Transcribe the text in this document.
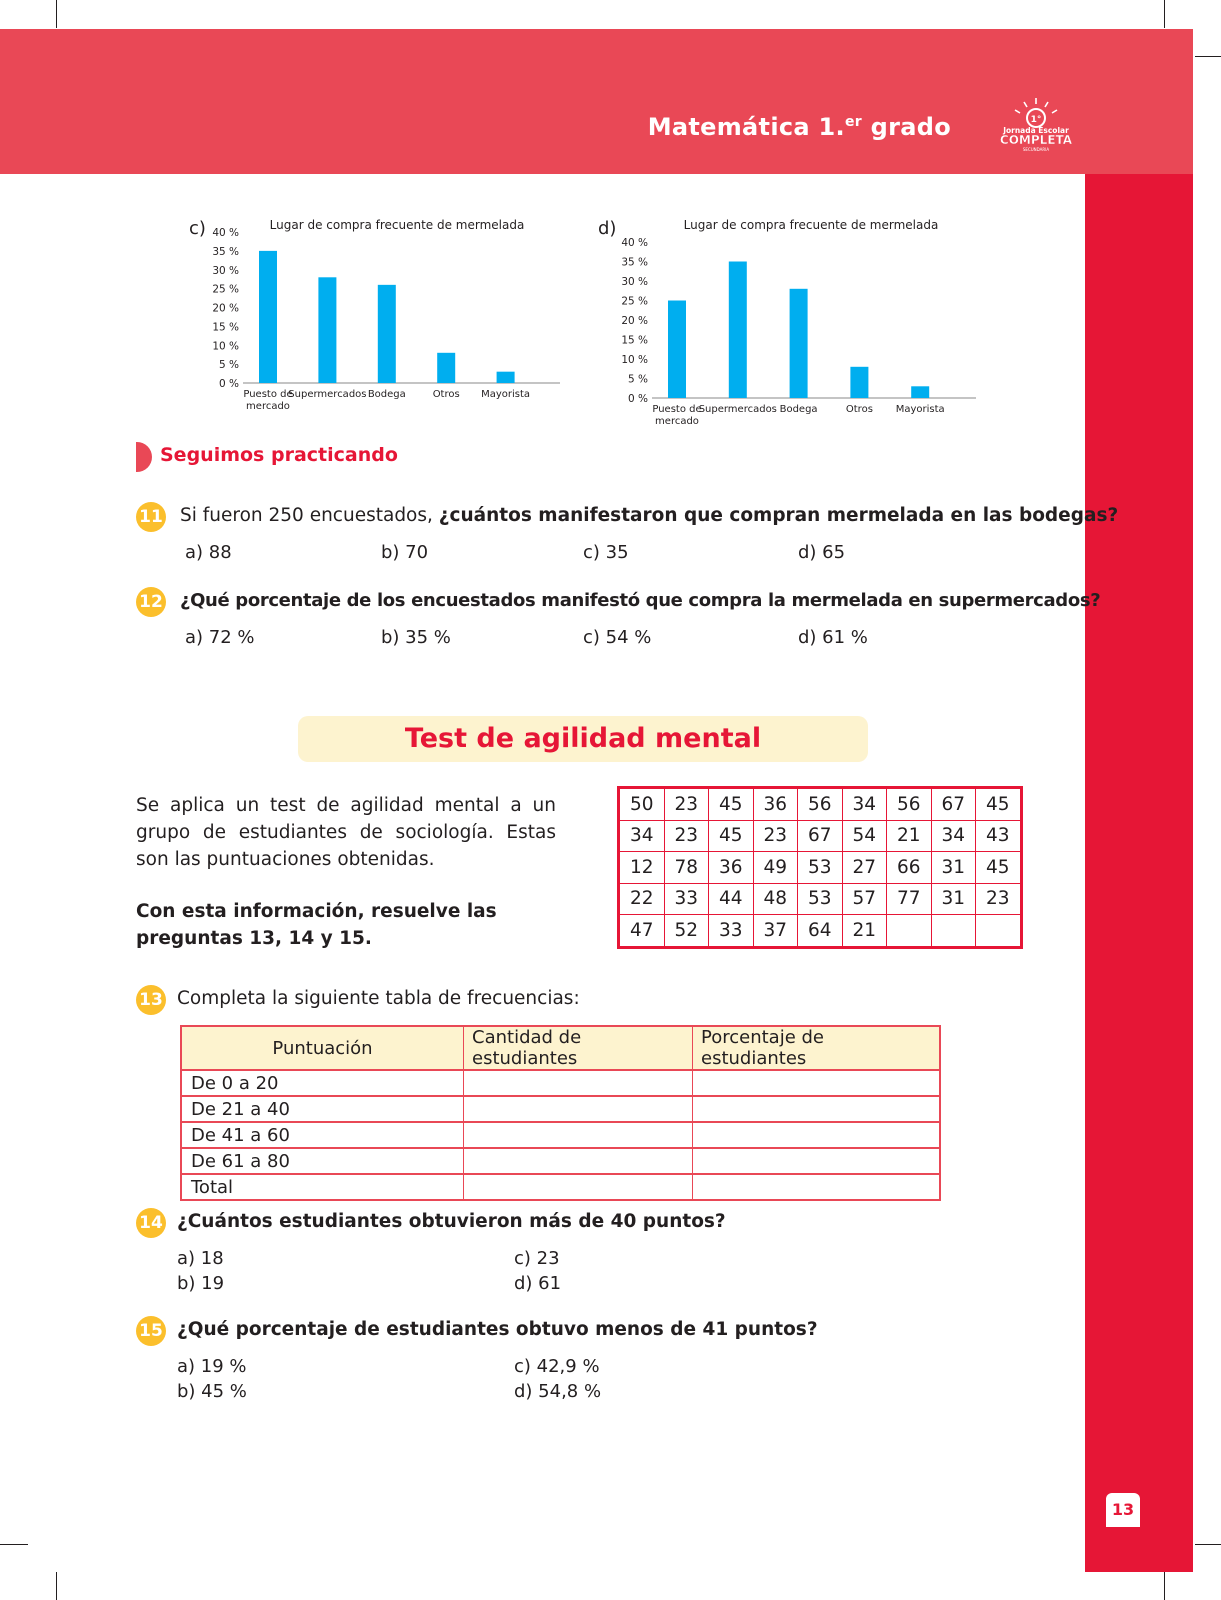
Matemática 1.$^{er}$ grado	1°
Jornada Escolar
COMPLETA
SECUNDARIA
13
c)	Lugar de compra frecuente de mermelada
0 %
5 %
10 %
15 %
20 %
25 %
30 %
35 %
40 %
Puesto de
mercado
Supermercados Bodega	Otros Mayorista
d)	Lugar de compra frecuente de mermelada
0 %
5 %
10 %
15 %
20 %
25 %
30 %
35 %
40 %
Puesto de
mercado
Supermercados Bodega	Otros Mayorista
Seguimos practicando
11 Si fueron 250 encuestados, ¿cuántos manifestaron que compran mermelada en las bodegas?
a) 88	b) 70	c) 35	d) 65
12 ¿Qué porcentaje de los encuestados manifestó que compra la mermelada en supermercados?
a) 72 %	b) 35 %	c) 54 %	d) 61 %
Test de agilidad mental
Se aplica un test de agilidad mental a un grupo de estudiantes de sociología. Estas son las puntuaciones obtenidas.
Con esta información, resuelve las preguntas 13, 14 y 15.
50	23	45	36	56	34	56	67	45
34	23	45	23	67	54	21	34	43
12	78	36	49	53	27	66	31	45
22	33	44	48	53	57	77	31	23
47	52	33	37	64	21			
13 Completa la siguiente tabla de frecuencias:
Puntuación	Cantidad de estudiantes	Porcentaje de estudiantes
De 0 a 20		
De 21 a 40		
De 41 a 60		
De 61 a 80		
Total		
14 ¿Cuántos estudiantes obtuvieron más de 40 puntos?
a) 18
b) 19
c) 23
d) 61
15 ¿Qué porcentaje de estudiantes obtuvo menos de 41 puntos?
a) 19 %
b) 45 %
c) 42,9 %
d) 54,8 %
